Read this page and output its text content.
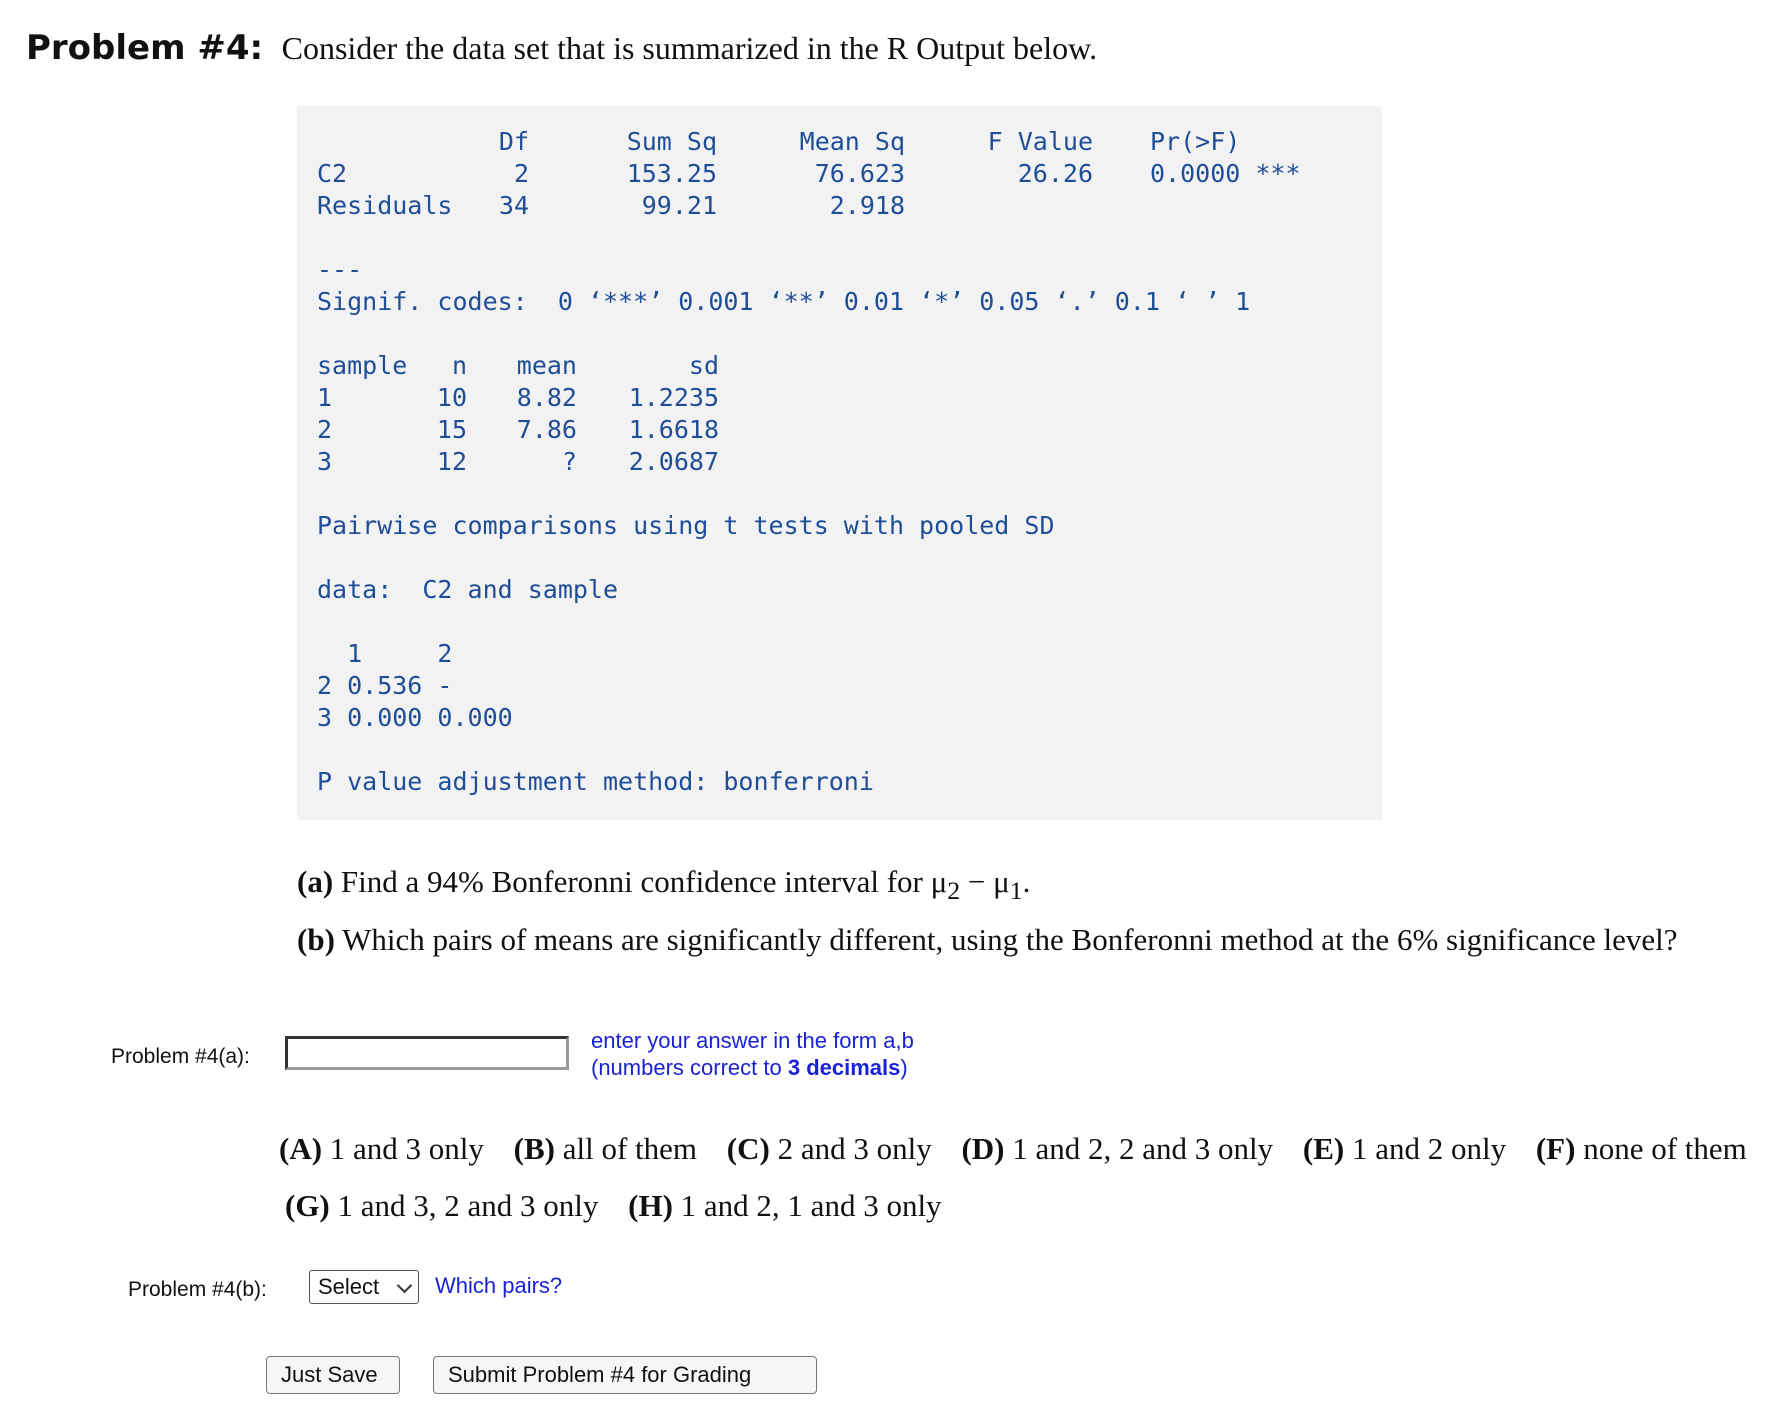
Problem #4: Consider the data set that is summarized in the R Output below.
Df	Sum Sq	Mean Sq	F Value Pr(>F)
C2	2	153.25	76.623	26.26 0.0000 ***
Residuals	34	99.21	2.918
---
Signif. codes:  0 ‘***’ 0.001 ‘**’ 0.01 ‘*’ 0.05 ‘.’ 0.1 ‘ ’ 1
sample	n	mean	sd
1	10	8.82	1.2235
2	15	7.86	1.6618
3	12	?	2.0687
Pairwise comparisons using t tests with pooled SD
data:  C2 and sample
1     2
2 0.536 -
3 0.000 0.000
P value adjustment method: bonferroni
(a) Find a 94% Bonferonni confidence interval for $\mu_2 - \mu_1$.
(b) Which pairs of means are significantly different, using the Bonferonni method at the 6% significance level?
Problem #4(a):
enter your answer in the form a,b
(numbers correct to 3 decimals)
(A) 1 and 3 only (B) all of them (C) 2 and 3 only (D) 1 and 2, 2 and 3 only (E) 1 and 2 only (F) none of them
(G) 1 and 3, 2 and 3 only (H) 1 and 2, 1 and 3 only
Problem #4(b):	Select	Which pairs?
Just Save	Submit Problem #4 for Grading
